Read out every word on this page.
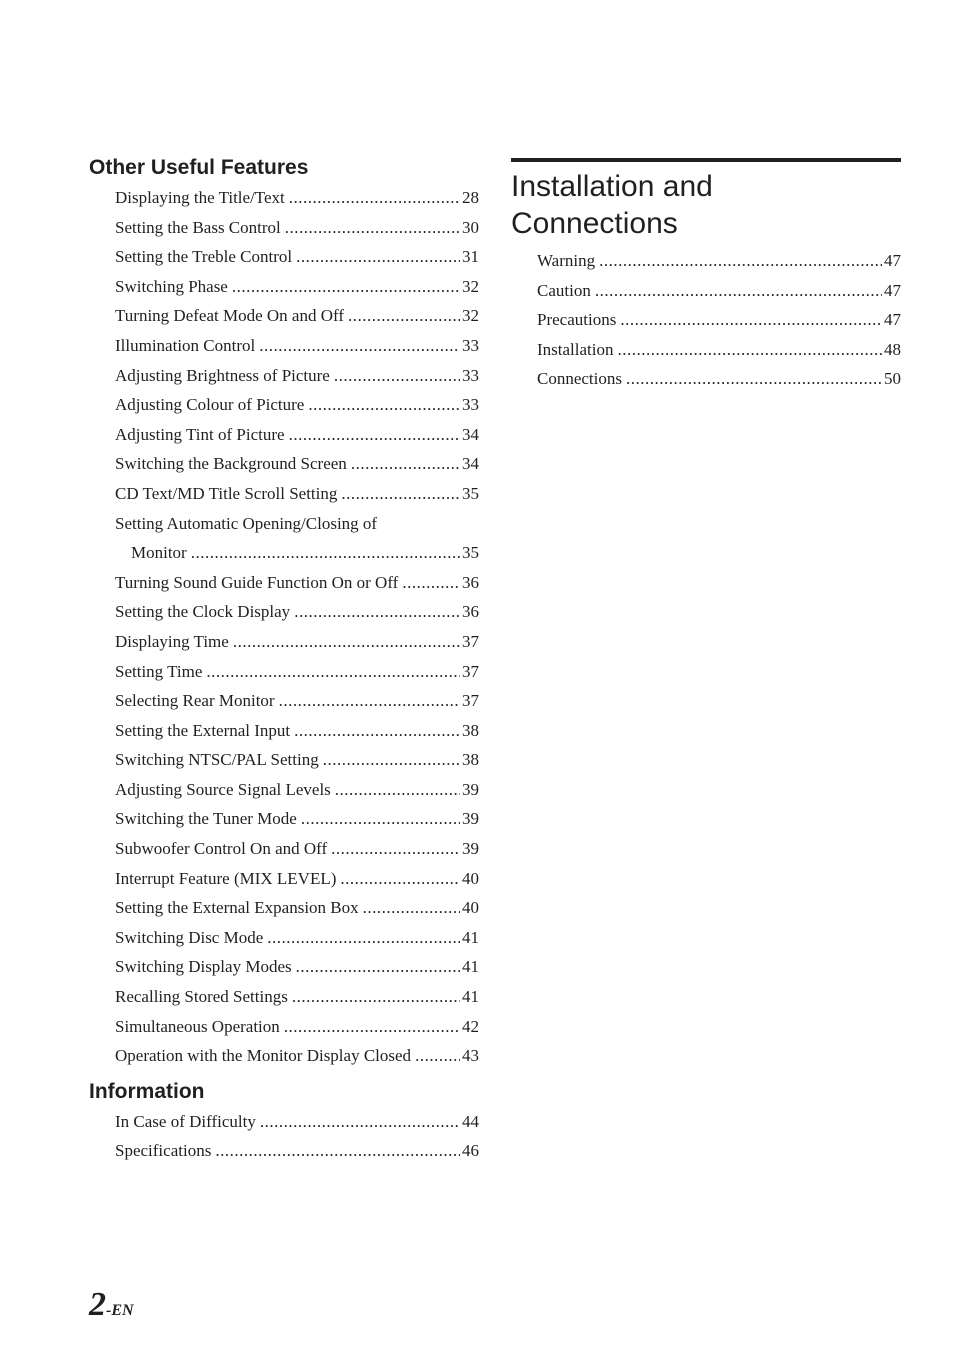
Other Useful Features
Displaying the Title/Text .....	28
Setting the Bass Control .....	30
Setting the Treble Control .....	31
Switching Phase .....	32
Turning Defeat Mode On and Off .....	32
Illumination Control .....	33
Adjusting Brightness of Picture .....	33
Adjusting Colour of Picture .....	33
Adjusting Tint of Picture .....	34
Switching the Background Screen .....	34
CD Text/MD Title Scroll Setting .....	35
Setting Automatic Opening/Closing of
Monitor .....	35
Turning Sound Guide Function On or Off .....	36
Setting the Clock Display .....	36
Displaying Time .....	37
Setting Time .....	37
Selecting Rear Monitor .....	37
Setting the External Input .....	38
Switching NTSC/PAL Setting .....	38
Adjusting Source Signal Levels .....	39
Switching the Tuner Mode .....	39
Subwoofer Control On and Off .....	39
Interrupt Feature (MIX LEVEL) .....	40
Setting the External Expansion Box .....	40
Switching Disc Mode .....	41
Switching Display Modes .....	41
Recalling Stored Settings .....	41
Simultaneous Operation .....	42
Operation with the Monitor Display Closed .....	43
Information
In Case of Difficulty .....	44
Specifications .....	46
Installation and
Connections
Warning .....	47
Caution .....	47
Precautions .....	47
Installation .....	48
Connections .....	50
2-EN
